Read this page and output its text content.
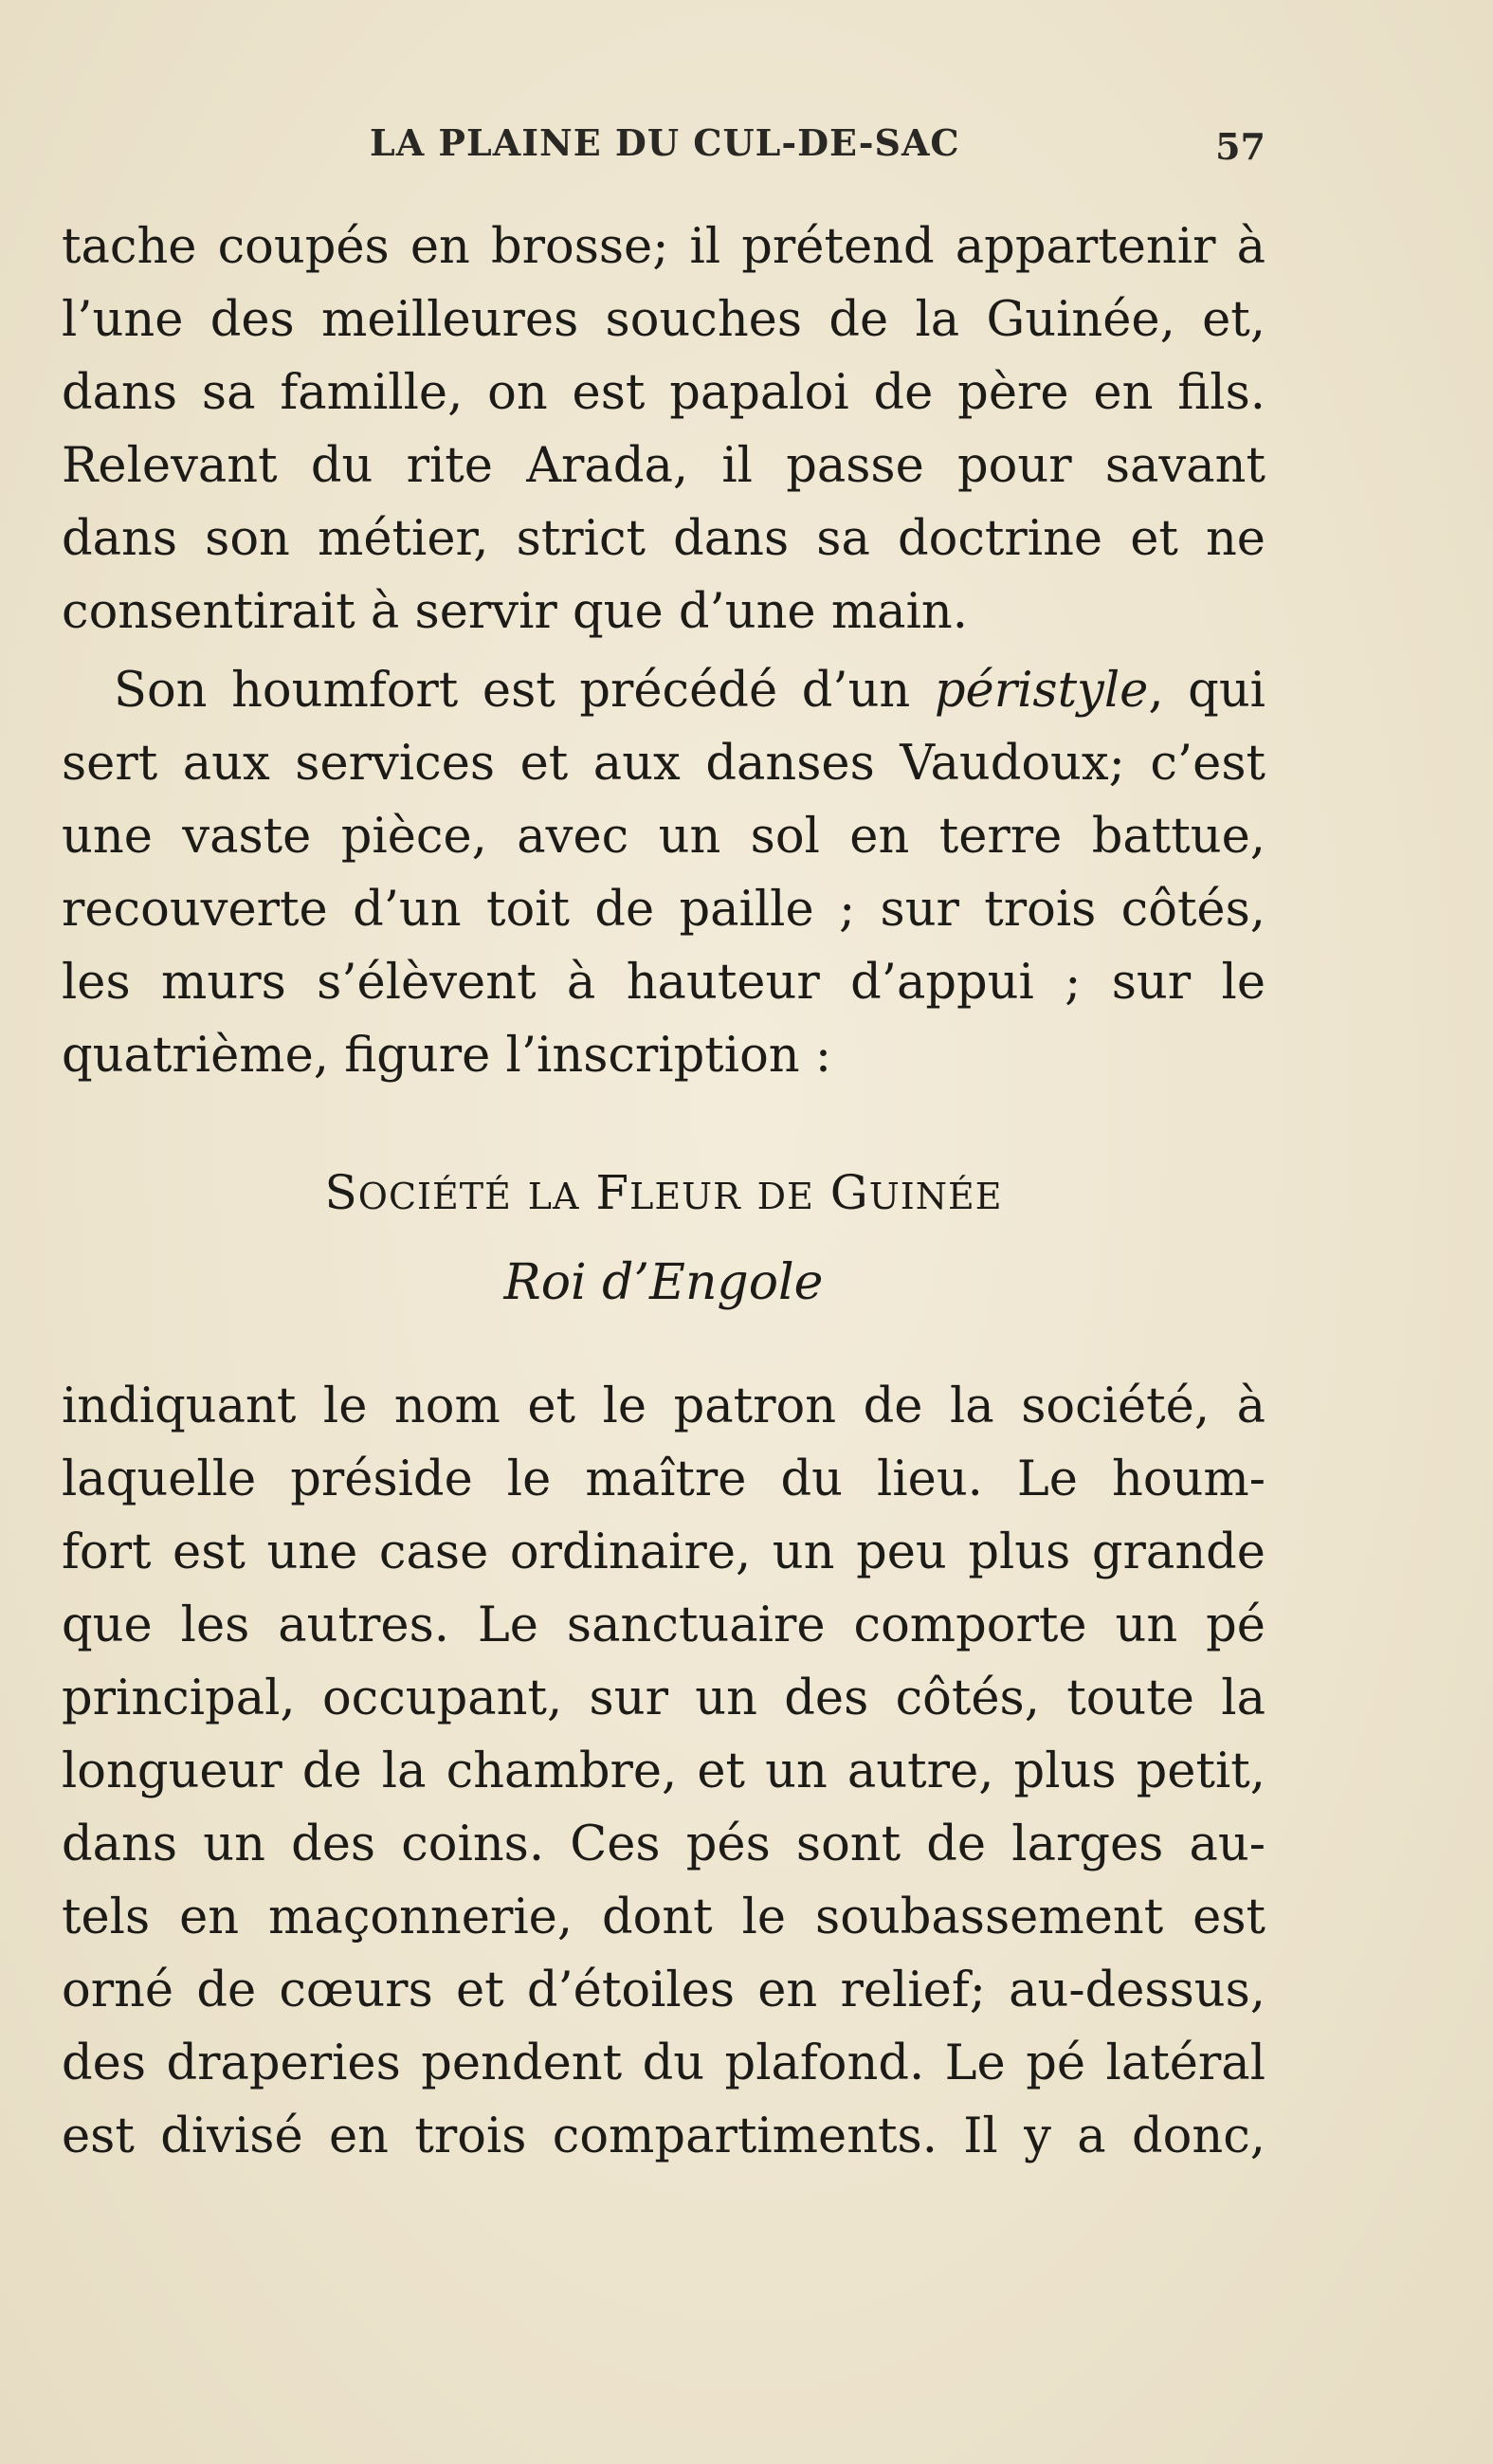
LA PLAINE DU CUL-DE-SAC	57
tache coupés en brosse; il prétend appartenir à
l’une des meilleures souches de la Guinée, et,
dans sa famille, on est papaloi de père en fils.
Relevant du rite Arada, il passe pour savant
dans son métier, strict dans sa doctrine et ne
consentirait à servir que d’une main.
Son houmfort est précédé d’un péristyle, qui
sert aux services et aux danses Vaudoux; c’est
une vaste pièce, avec un sol en terre battue,
recouverte d’un toit de paille ; sur trois côtés,
les murs s’élèvent à hauteur d’appui ; sur le
quatrième, figure l’inscription :
SOCIÉTÉ LA FLEUR DE GUINÉE
Roi d’Engole
indiquant le nom et le patron de la société, à
laquelle préside le maître du lieu. Le houm-
fort est une case ordinaire, un peu plus grande
que les autres. Le sanctuaire comporte un pé
principal, occupant, sur un des côtés, toute la
longueur de la chambre, et un autre, plus petit,
dans un des coins. Ces pés sont de larges au-
tels en maçonnerie, dont le soubassement est
orné de cœurs et d’étoiles en relief; au-dessus,
des draperies pendent du plafond. Le pé latéral
est divisé en trois compartiments. Il y a donc,
